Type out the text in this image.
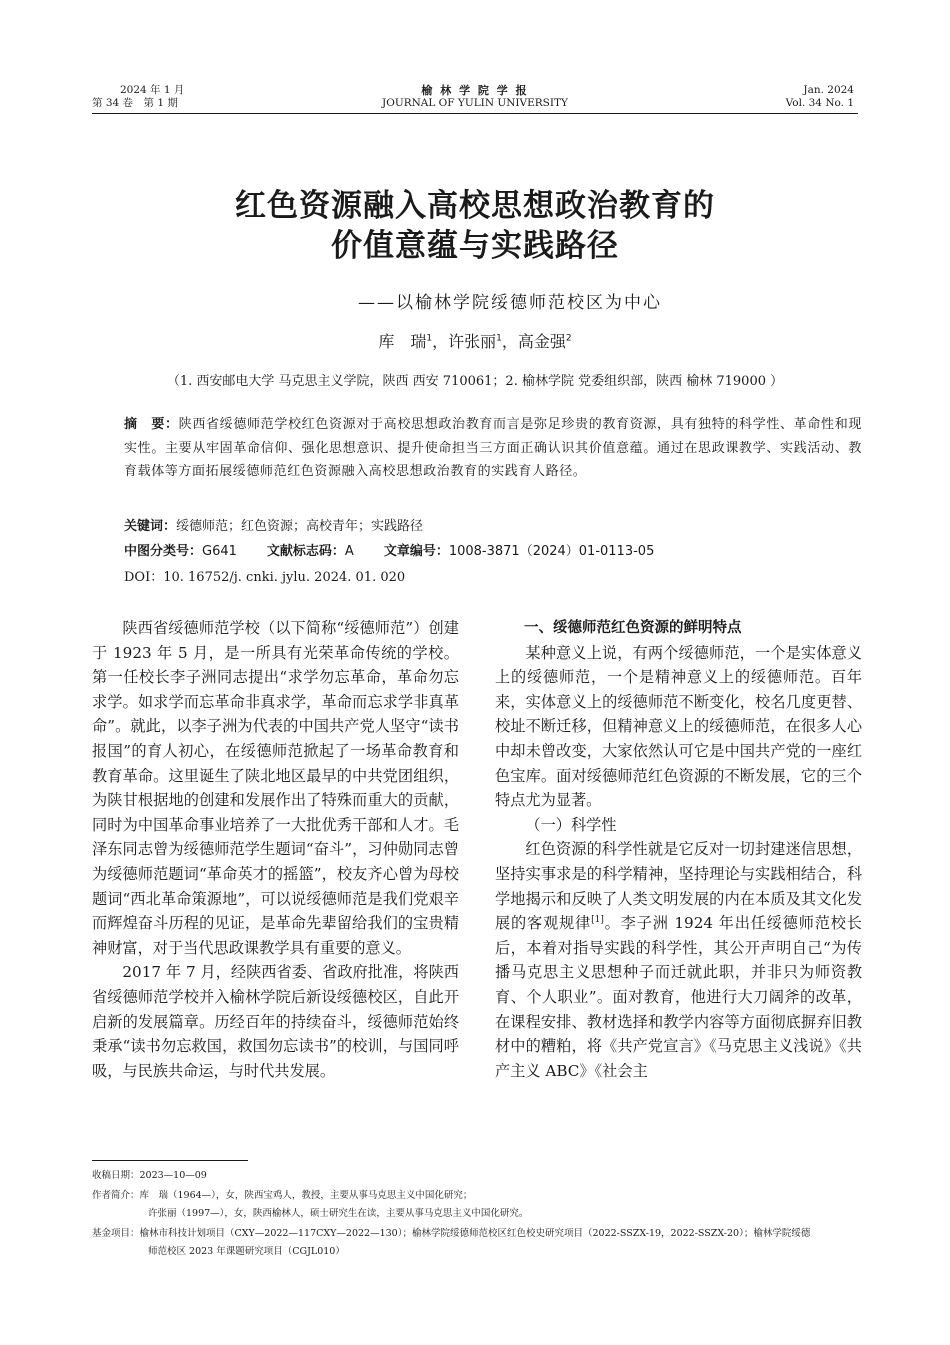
2024 年 1 月
第 34 卷　第 1 期
榆 林 学 院 学 报
JOURNAL OF YULIN UNIVERSITY
Jan. 2024
Vol. 34 No. 1
红色资源融入高校思想政治教育的
价值意蕴与实践路径
——以榆林学院绥德师范校区为中心
库　瑞$^1$，许张丽$^1$，高金强$^2$
（1. 西安邮电大学 马克思主义学院，陕西 西安 710061；2. 榆林学院 党委组织部，陕西 榆林 719000 ）
摘　要：陕西省绥德师范学校红色资源对于高校思想政治教育而言是弥足珍贵的教育资源，具有独特的科学性、革命性和现实性。主要从牢固革命信仰、强化思想意识、提升使命担当三方面正确认识其价值意蕴。通过在思政课教学、实践活动、教育载体等方面拓展绥德师范红色资源融入高校思想政治教育的实践育人路径。
关键词：绥德师范；红色资源；高校青年；实践路径
中图分类号：G641 文献标志码：A 文章编号：1008-3871（2024）01-0113-05
DOI：10. 16752/j. cnki. jylu. 2024. 01. 020

陕西省绥德师范学校（以下简称“绥德师范”）创建于 1923 年 5 月，是一所具有光荣革命传统的学校。第一任校长李子洲同志提出“求学勿忘革命，革命勿忘求学。如求学而忘革命非真求学，革命而忘求学非真革命”。就此，以李子洲为代表的中国共产党人坚守“读书报国”的育人初心，在绥德师范掀起了一场革命教育和教育革命。这里诞生了陕北地区最早的中共党团组织，为陕甘根据地的创建和发展作出了特殊而重大的贡献，同时为中国革命事业培养了一大批优秀干部和人才。毛泽东同志曾为绥德师范学生题词“奋斗”，习仲勋同志曾为绥德师范题词“革命英才的摇篮”，校友齐心曾为母校题词“西北革命策源地”，可以说绥德师范是我们党艰辛而辉煌奋斗历程的见证，是革命先辈留给我们的宝贵精神财富，对于当代思政课教学具有重要的意义。

2017 年 7 月，经陕西省委、省政府批准，将陕西省绥德师范学校并入榆林学院后新设绥德校区，自此开启新的发展篇章。历经百年的持续奋斗，绥德师范始终秉承“读书勿忘救国，救国勿忘读书”的校训，与国同呼吸，与民族共命运，与时代共发展。

一、绥德师范红色资源的鲜明特点

某种意义上说，有两个绥德师范，一个是实体意义上的绥德师范，一个是精神意义上的绥德师范。百年来，实体意义上的绥德师范不断变化，校名几度更替、校址不断迁移，但精神意义上的绥德师范，在很多人心中却未曾改变，大家依然认可它是中国共产党的一座红色宝库。面对绥德师范红色资源的不断发展，它的三个特点尤为显著。

（一）科学性

红色资源的科学性就是它反对一切封建迷信思想，坚持实事求是的科学精神，坚持理论与实践相结合，科学地揭示和反映了人类文明发展的内在本质及其文化发展的客观规律[1]。李子洲 1924 年出任绥德师范校长后，本着对指导实践的科学性，其公开声明自己“为传播马克思主义思想种子而迁就此职，并非只为师资教育、个人职业”。面对教育，他进行大刀阔斧的改革，在课程安排、教材选择和教学内容等方面彻底摒弃旧教材中的糟粕，将《共产党宣言》《马克思主义浅说》《共产主义 ABC》《社会主

收稿日期：2023—10—09
作者简介：库　瑞（1964—），女，陕西宝鸡人，教授，主要从事马克思主义中国化研究；
许张丽（1997—），女，陕西榆林人，硕士研究生在读，主要从事马克思主义中国化研究。
基金项目：榆林市科技计划项目（CXY—2022—117CXY—2022—130）；榆林学院绥德师范校区红色校史研究项目（2022-SSZX-19，2022-SSZX-20）；榆林学院绥德
师范校区 2023 年课题研究项目（CGJL010）
